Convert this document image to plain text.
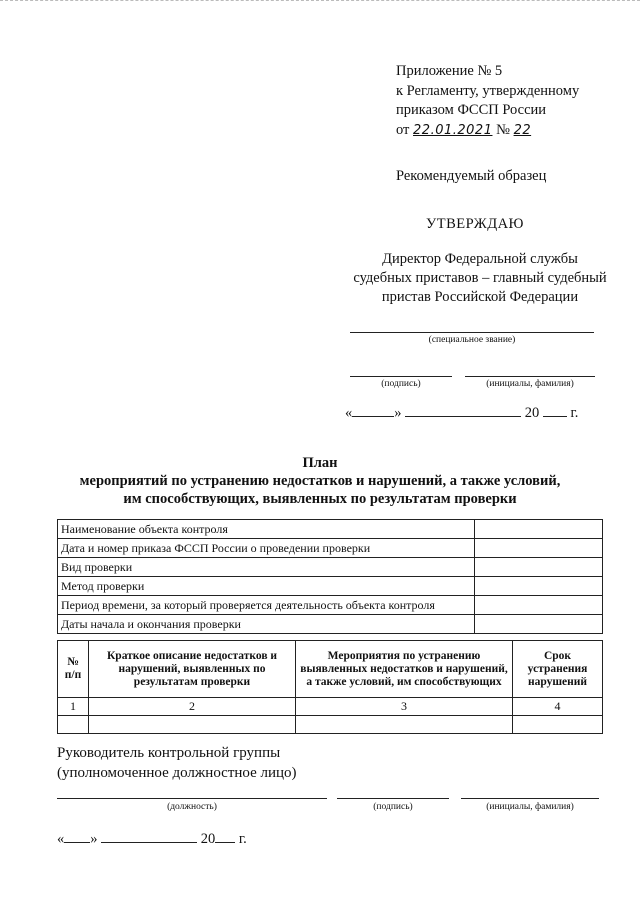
Приложение № 5
к Регламенту, утвержденному
приказом ФССП России
от 22.01.2021 № 22
Рекомендуемый образец
УТВЕРЖДАЮ
Директор Федеральной службы
судебных приставов – главный судебный
пристав Российской Федерации
(специальное звание)
(подпись)	(инициалы, фамилия)
«	»	20 г.
План
мероприятий по устранению недостатков и нарушений, а также условий,
им способствующих, выявленных по результатам проверки
Наименование объекта контроля	
Дата и номер приказа ФССП России о проведении проверки	
Вид проверки	
Метод проверки	
Период времени, за который проверяется деятельность объекта контроля	
Даты начала и окончания проверки	
№ п/п	Краткое описание недостатков и нарушений, выявленных по результатам проверки	Мероприятия по устранению выявленных недостатков и нарушений, а также условий, им способствующих	Срок устранения нарушений
1	2	3	4

Руководитель контрольной группы
(уполномоченное должностное лицо)
(должность)	(подпись)	(инициалы, фамилия)
« »	20 г.
